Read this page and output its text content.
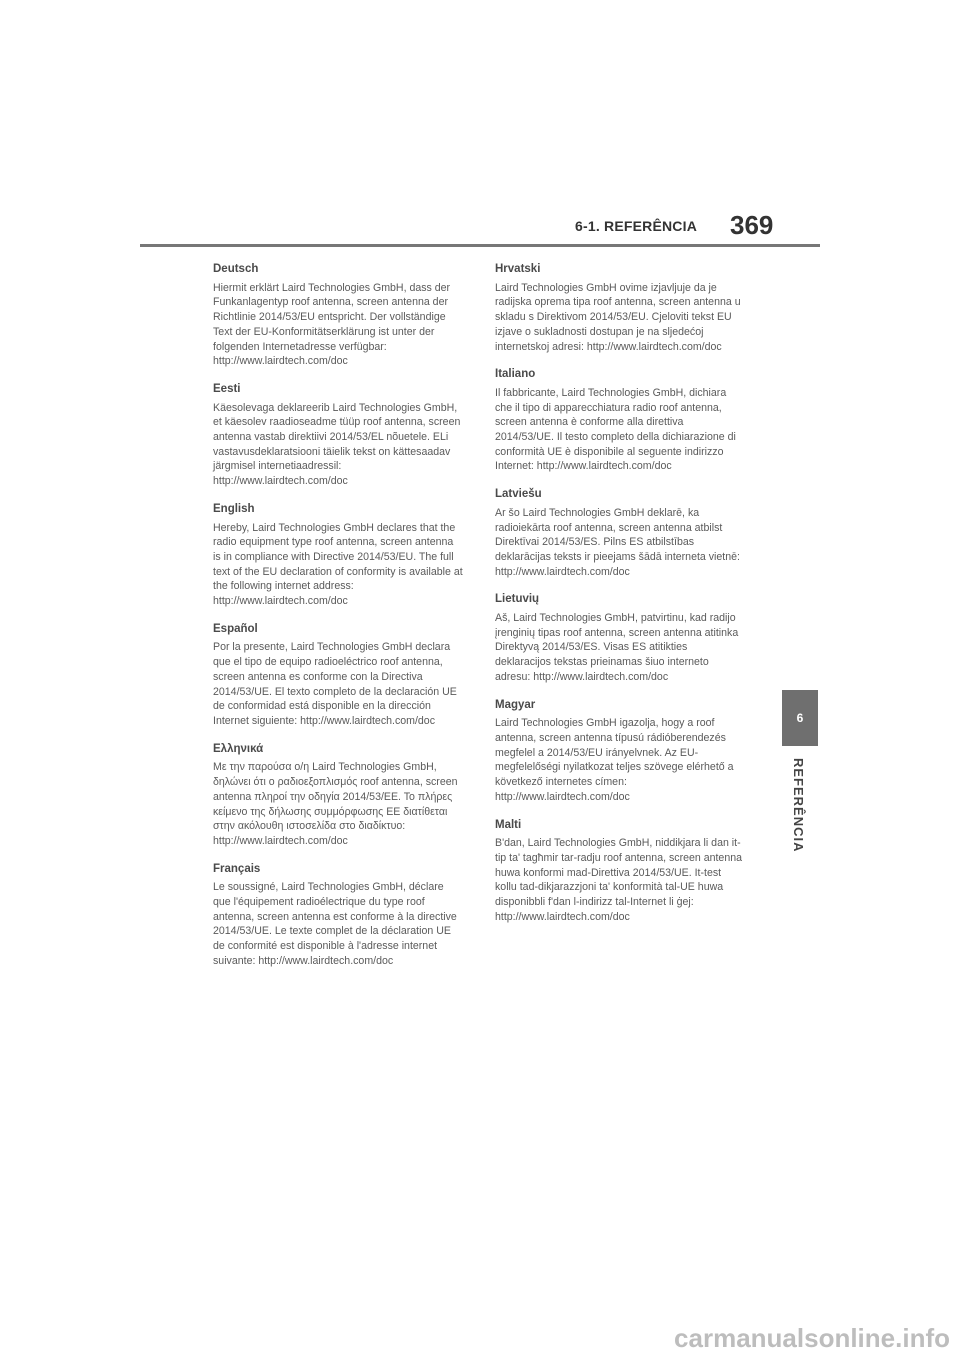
6-1. REFERÊNCIA 369

Deutsch

Hiermit erklärt Laird Technologies GmbH, dass der Funkanlagentyp roof antenna, screen antenna der Richtlinie 2014/53/EU entspricht. Der vollständige Text der EU-Konformitätserklärung ist unter der folgenden Internetadresse verfügbar: http://www.lairdtech.com/doc

Eesti

Käesolevaga deklareerib Laird Technologies GmbH, et käesolev raadioseadme tüüp roof antenna, screen antenna vastab direktiivi 2014/53/EL nõuetele. ELi vastavusdeklaratsiooni täielik tekst on kättesaadav järgmisel internetiaadressil: http://www.lairdtech.com/doc

English

Hereby, Laird Technologies GmbH declares that the radio equipment type roof antenna, screen antenna is in compliance with Directive 2014/53/EU. The full text of the EU declaration of conformity is available at the following internet address: http://www.lairdtech.com/doc

Español

Por la presente, Laird Technologies GmbH declara que el tipo de equipo radioeléctrico roof antenna, screen antenna es conforme con la Directiva 2014/53/UE. El texto completo de la declaración UE de conformidad está disponible en la dirección Internet siguiente: http://www.lairdtech.com/doc

Ελληνικά

Με την παρούσα ο/η Laird Technologies GmbH, δηλώνει ότι ο ραδιοεξοπλισμός roof antenna, screen antenna πληροί την οδηγία 2014/53/ΕΕ. Το πλήρες κείμενο της δήλωσης συμμόρφωσης ΕΕ διατίθεται στην ακόλουθη ιστοσελίδα στο διαδίκτυο: http://www.lairdtech.com/doc

Français

Le soussigné, Laird Technologies GmbH, déclare que l'équipement radioélectrique du type roof antenna, screen antenna est conforme à la directive 2014/53/UE. Le texte complet de la déclaration UE de conformité est disponible à l'adresse internet suivante: http://www.lairdtech.com/doc

Hrvatski

Laird Technologies GmbH ovime izjavljuje da je radijska oprema tipa roof antenna, screen antenna u skladu s Direktivom 2014/53/EU. Cjeloviti tekst EU izjave o sukladnosti dostupan je na sljedećoj internetskoj adresi: http://www.lairdtech.com/doc

Italiano

Il fabbricante, Laird Technologies GmbH, dichiara che il tipo di apparecchiatura radio roof antenna, screen antenna è conforme alla direttiva 2014/53/UE. Il testo completo della dichiarazione di conformità UE è disponibile al seguente indirizzo Internet: http://www.lairdtech.com/doc

Latviešu

Ar šo Laird Technologies GmbH deklarē, ka radioiekārta roof antenna, screen antenna atbilst Direktīvai 2014/53/ES. Pilns ES atbilstības deklarācijas teksts ir pieejams šādā interneta vietnē: http://www.lairdtech.com/doc

Lietuvių

Aš, Laird Technologies GmbH, patvirtinu, kad radijo įrenginių tipas roof antenna, screen antenna atitinka Direktyvą 2014/53/ES. Visas ES atitikties deklaracijos tekstas prieinamas šiuo interneto adresu: http://www.lairdtech.com/doc

Magyar

Laird Technologies GmbH igazolja, hogy a roof antenna, screen antenna típusú rádióberendezés megfelel a 2014/53/EU irányelvnek. Az EU-megfelelőségi nyilatkozat teljes szövege elérhető a következő internetes címen: http://www.lairdtech.com/doc

Malti

B'dan, Laird Technologies GmbH, niddikjara li dan it-tip ta' tagħmir tar-radju roof antenna, screen antenna huwa konformi mad-Direttiva 2014/53/UE. It-test kollu tad-dikjarazzjoni ta' konformità tal-UE huwa disponibbli f'dan l-indirizz tal-Internet li ġej: http://www.lairdtech.com/doc

6
REFERÊNCIA
carmanualsonline.info
